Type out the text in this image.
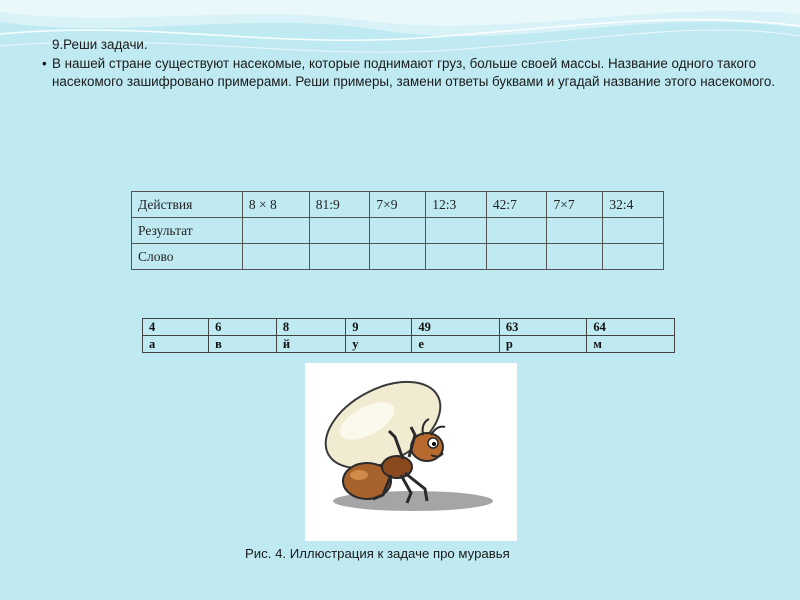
9.Реши задачи.
• В нашей стране существуют насекомые, которые поднимают груз, больше своей массы. Название одного такого насекомого зашифровано примерами. Реши примеры, замени ответы буквами и угадай название этого насекомого.
Действия	8 × 8	81:9	7×9	12:3	42:7	7×7	32:4
Результат							
Слово							
4	6	8	9	49	63	64
а	в	й	у	е	р	м
Рис. 4. Иллюстрация к задаче про муравья
